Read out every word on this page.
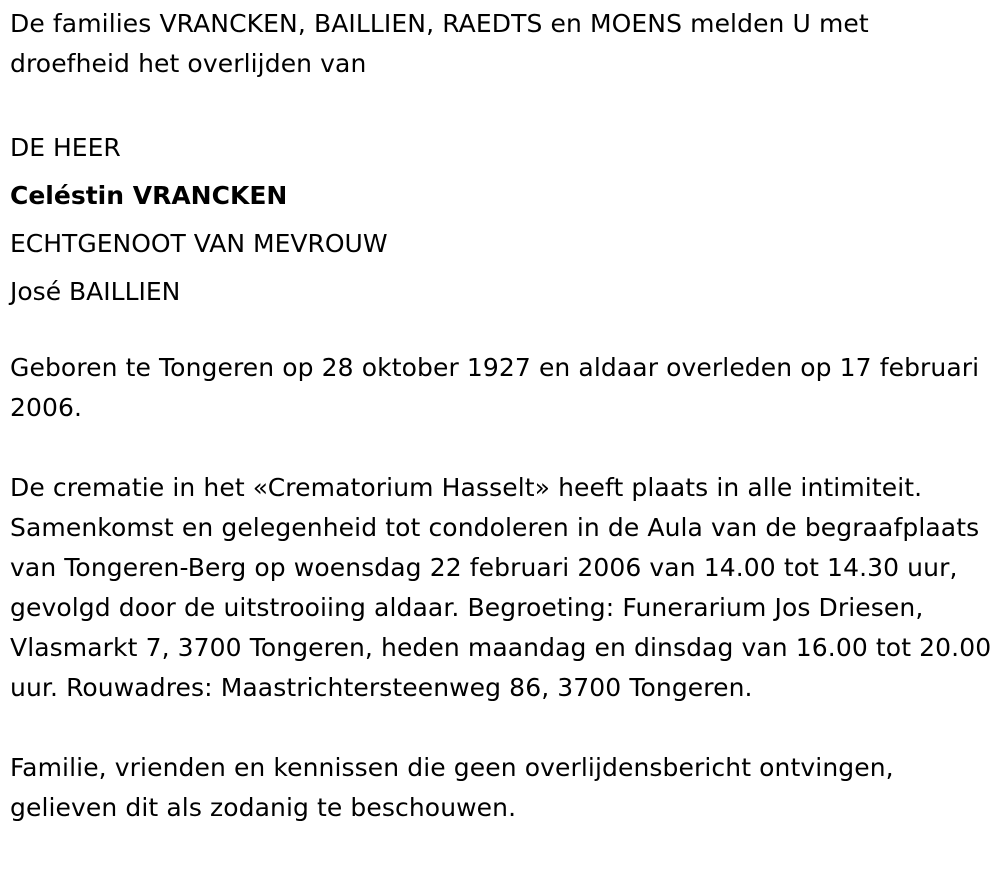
De families VRANCKEN, BAILLIEN, RAEDTS en MOENS melden U met droefheid het overlijden van

DE HEER

Celéstin VRANCKEN

ECHTGENOOT VAN MEVROUW

José BAILLIEN

Geboren te Tongeren op 28 oktober 1927 en aldaar overleden op 17 februari 2006.

De crematie in het «Crematorium Hasselt» heeft plaats in alle intimiteit. Samenkomst en gelegenheid tot condoleren in de Aula van de begraafplaats van Tongeren-Berg op woensdag 22 februari 2006 van 14.00 tot 14.30 uur, gevolgd door de uitstrooiing aldaar. Begroeting: Funerarium Jos Driesen, Vlasmarkt 7, 3700 Tongeren, heden maandag en dinsdag van 16.00 tot 20.00 uur. Rouwadres: Maastrichtersteenweg 86, 3700 Tongeren.

Familie, vrienden en kennissen die geen overlijdensbericht ontvingen, gelieven dit als zodanig te beschouwen.
